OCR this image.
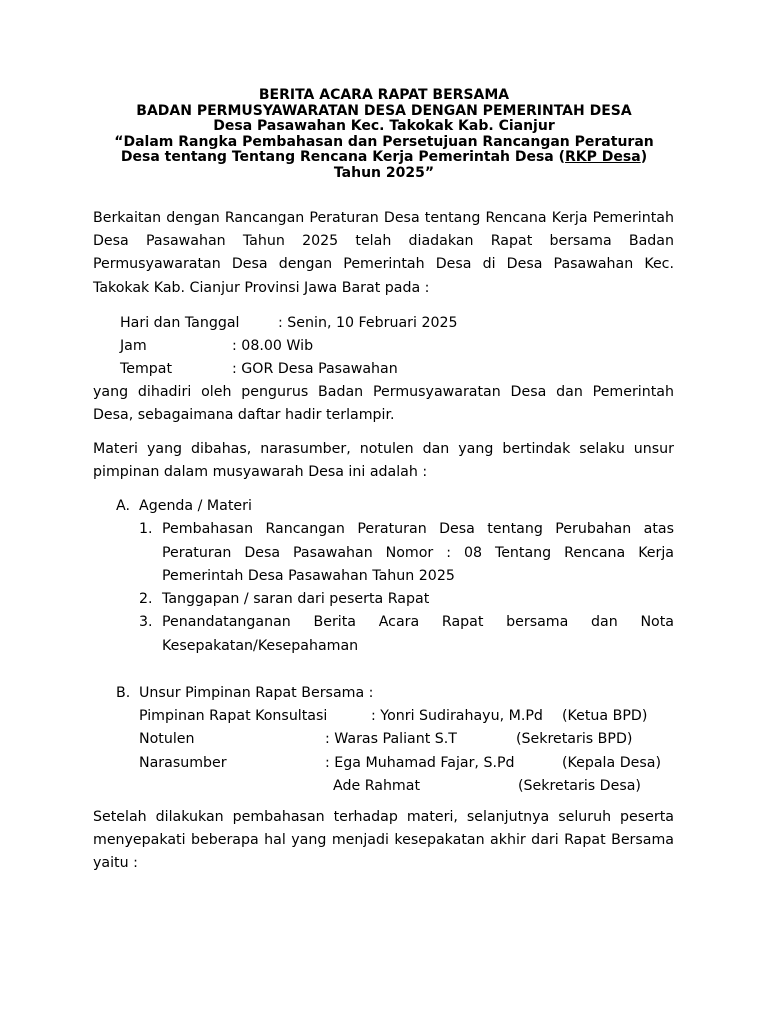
BERITA ACARA RAPAT BERSAMA
BADAN PERMUSYAWARATAN DESA DENGAN PEMERINTAH DESA
Desa Pasawahan Kec. Takokak Kab. Cianjur
“Dalam Rangka Pembahasan dan Persetujuan Rancangan Peraturan
Desa tentang Tentang Rencana Kerja Pemerintah Desa (RKP Desa)
Tahun 2025”

Berkaitan dengan Rancangan Peraturan Desa tentang Rencana Kerja Pemerintah Desa Pasawahan Tahun 2025 telah diadakan Rapat bersama Badan Permusyawaratan Desa dengan Pemerintah Desa di Desa Pasawahan Kec. Takokak Kab. Cianjur Provinsi Jawa Barat pada :

Hari dan Tanggal	: Senin, 10 Februari 2025
Jam	: 08.00 Wib
Tempat	: GOR Desa Pasawahan

yang dihadiri oleh pengurus Badan Permusyawaratan Desa dan Pemerintah Desa, sebagaimana daftar hadir terlampir.

Materi yang dibahas, narasumber, notulen dan yang bertindak selaku unsur pimpinan dalam musyawarah Desa ini adalah :

A. Agenda / Materi
1. Pembahasan Rancangan Peraturan Desa tentang Perubahan atas
Peraturan Desa Pasawahan Nomor : 08 Tentang Rencana Kerja
Pemerintah Desa Pasawahan Tahun 2025
2. Tanggapan / saran dari peserta Rapat
3. Penandatanganan Berita Acara Rapat bersama dan Nota
Kesepakatan/Kesepahaman
B. Unsur Pimpinan Rapat Bersama :
Pimpinan Rapat Konsultasi	: Yonri Sudirahayu, M.Pd (Ketua BPD)
Notulen	: Waras Paliant S.T	(Sekretaris BPD)
Narasumber	: Ega Muhamad Fajar, S.Pd	(Kepala Desa)
Ade Rahmat	(Sekretaris Desa)

Setelah dilakukan pembahasan terhadap materi, selanjutnya seluruh peserta menyepakati beberapa hal yang menjadi kesepakatan akhir dari Rapat Bersama yaitu :
